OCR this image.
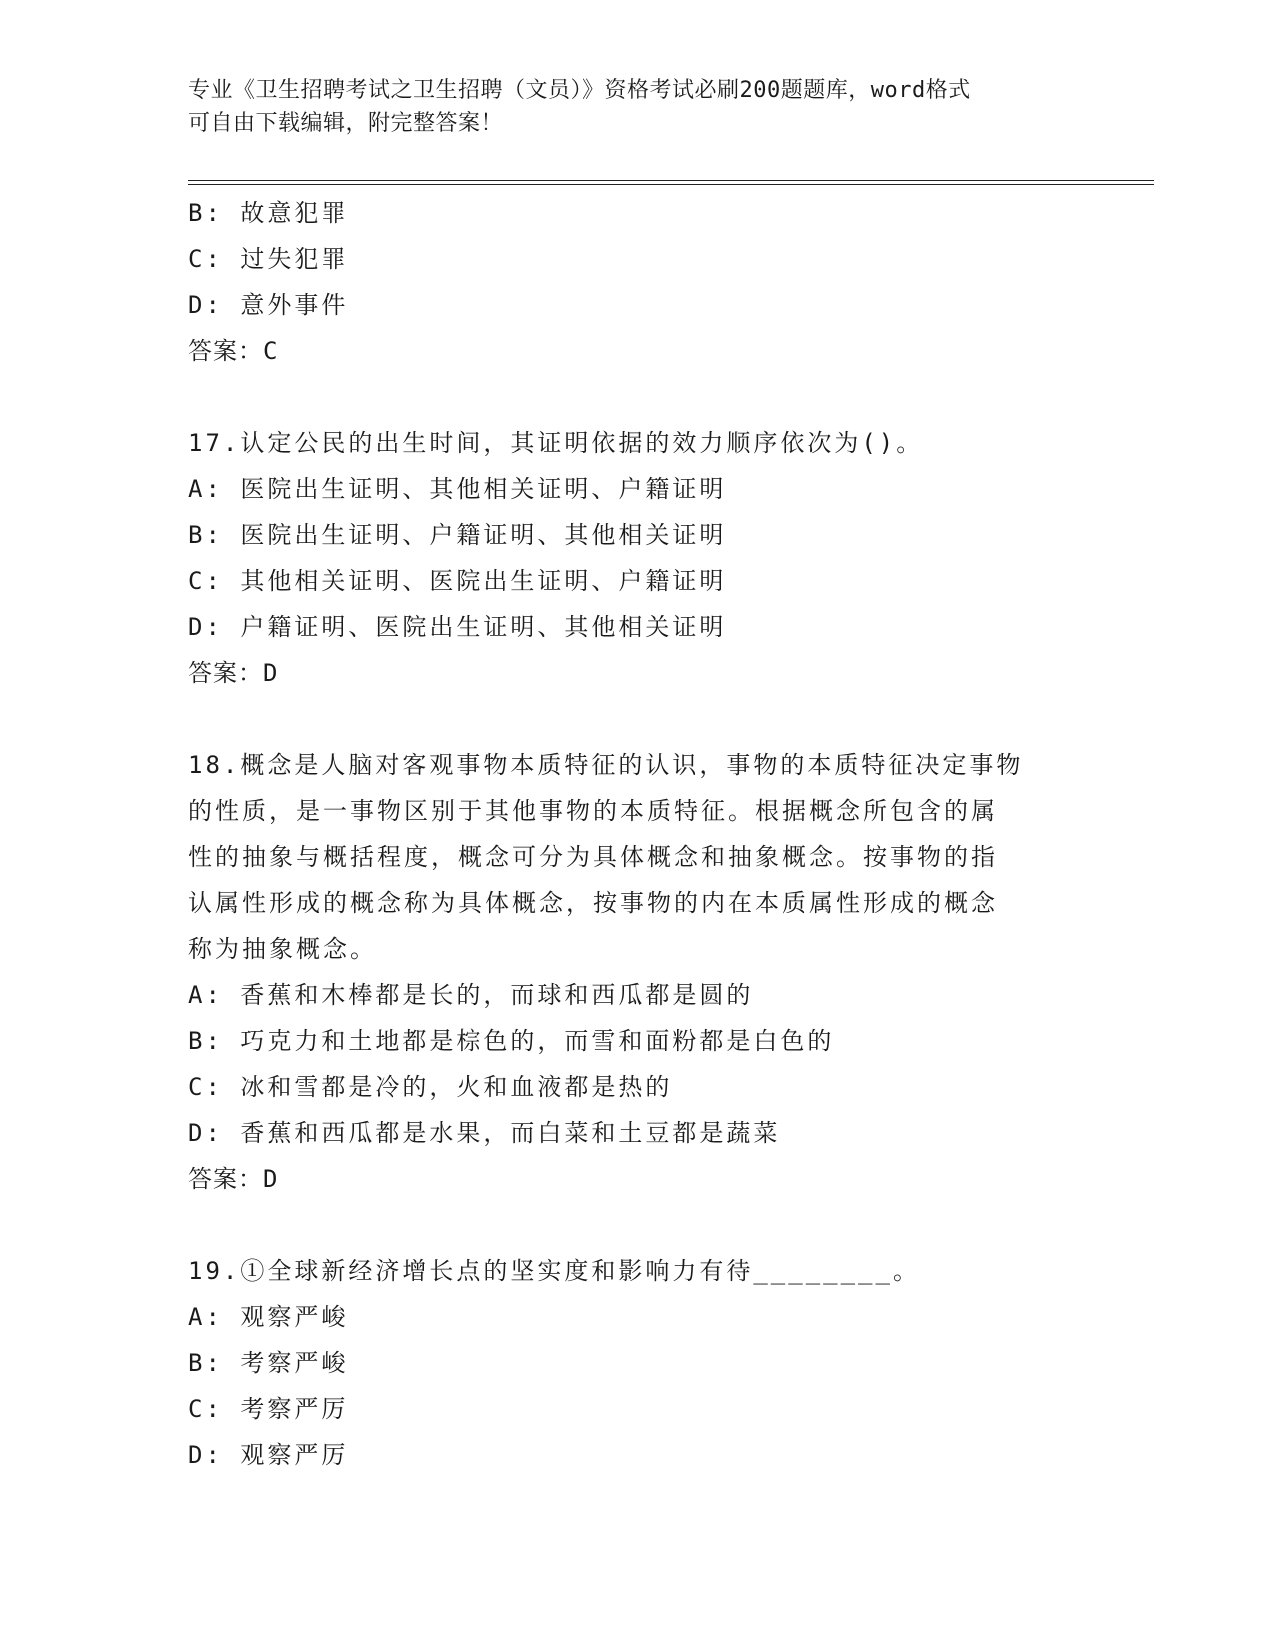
专业《卫生招聘考试之卫生招聘（文员）》资格考试必刷200题题库，word格式
可自由下载编辑，附完整答案！
B: 故意犯罪
C: 过失犯罪
D: 意外事件
答案：C
17.认定公民的出生时间，其证明依据的效力顺序依次为()。
A: 医院出生证明、其他相关证明、户籍证明
B: 医院出生证明、户籍证明、其他相关证明
C: 其他相关证明、医院出生证明、户籍证明
D: 户籍证明、医院出生证明、其他相关证明
答案：D
18.概念是人脑对客观事物本质特征的认识，事物的本质特征决定事物
的性质，是一事物区别于其他事物的本质特征。根据概念所包含的属
性的抽象与概括程度，概念可分为具体概念和抽象概念。按事物的指
认属性形成的概念称为具体概念，按事物的内在本质属性形成的概念
称为抽象概念。
A: 香蕉和木棒都是长的，而球和西瓜都是圆的
B: 巧克力和土地都是棕色的，而雪和面粉都是白色的
C: 冰和雪都是冷的，火和血液都是热的
D: 香蕉和西瓜都是水果，而白菜和土豆都是蔬菜
答案：D
19.①全球新经济增长点的坚实度和影响力有待________。
A: 观察严峻
B: 考察严峻
C: 考察严厉
D: 观察严厉
